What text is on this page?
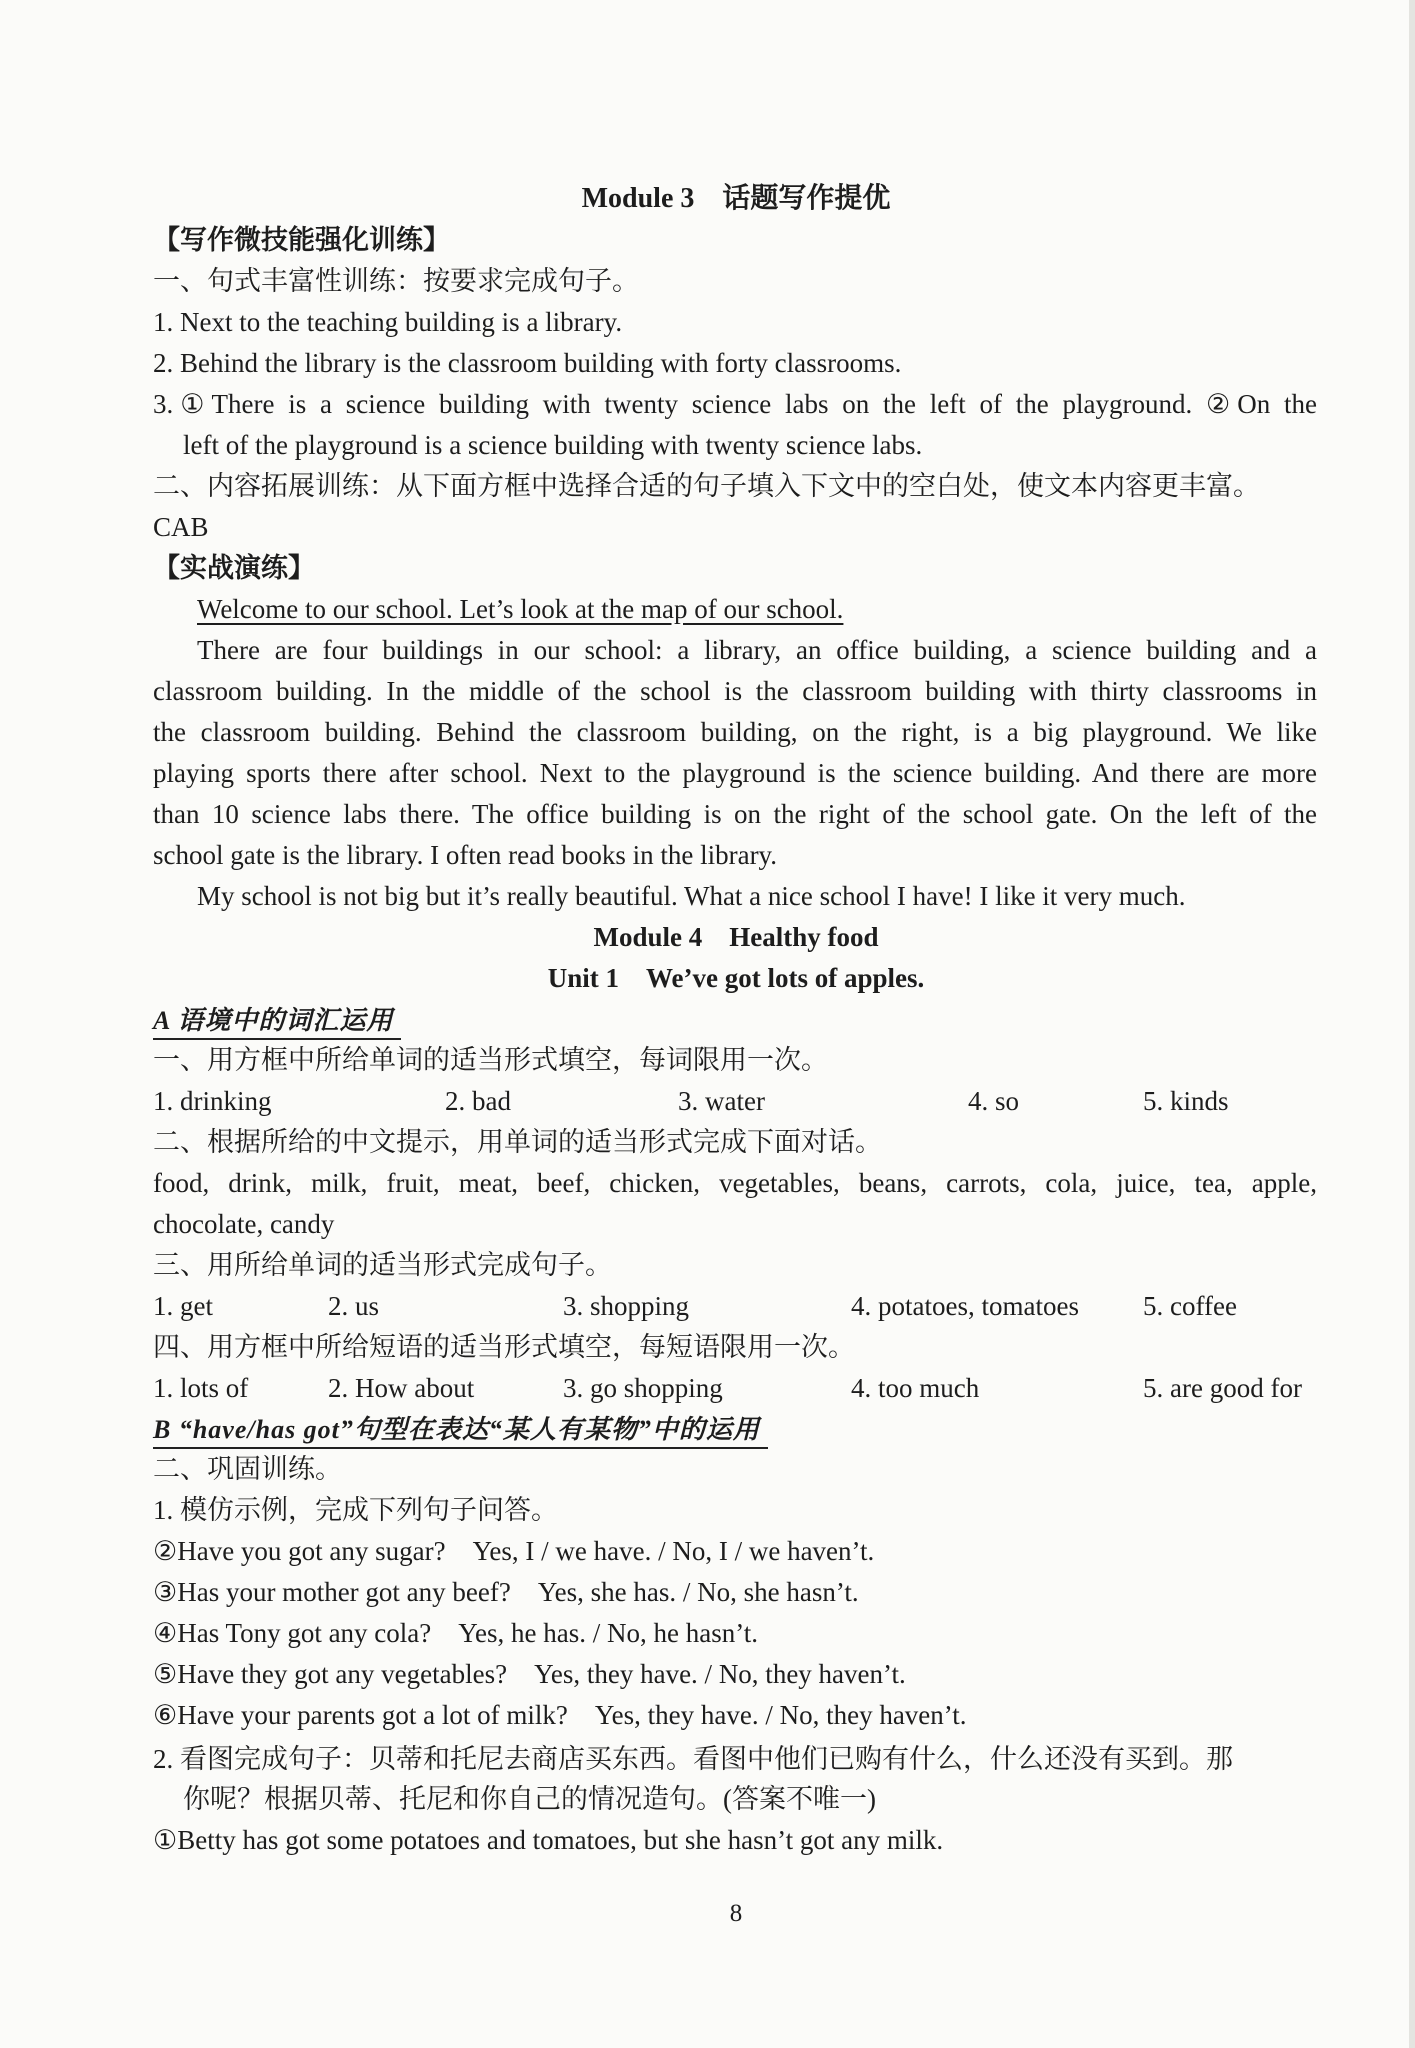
Module 3　话题写作提优
【写作微技能强化训练】
一、句式丰富性训练：按要求完成句子。
1. Next to the teaching building is a library.
2. Behind the library is the classroom building with forty classrooms.
3.①There is a science building with twenty science labs on the left of the playground. ②On the
left of the playground is a science building with twenty science labs.
二、内容拓展训练：从下面方框中选择合适的句子填入下文中的空白处，使文本内容更丰富。
CAB
【实战演练】
Welcome to our school. Let’s look at the map of our school.
There are four buildings in our school: a library, an office building, a science building and a
classroom building. In the middle of the school is the classroom building with thirty classrooms in
the classroom building. Behind the classroom building, on the right, is a big playground. We like
playing sports there after school. Next to the playground is the science building. And there are more
than 10 science labs there. The office building is on the right of the school gate. On the left of the
school gate is the library. I often read books in the library.
My school is not big but it’s really beautiful. What a nice school I have! I like it very much.
Module 4　Healthy food
Unit 1　We’ve got lots of apples.
A 语境中的词汇运用
一、用方框中所给单词的适当形式填空，每词限用一次。
1. drinking	2. bad	3. water	4. so	5. kinds
二、根据所给的中文提示，用单词的适当形式完成下面对话。
food, drink, milk, fruit, meat, beef, chicken, vegetables, beans, carrots, cola, juice, tea, apple,
chocolate, candy
三、用所给单词的适当形式完成句子。
1. get	2. us	3. shopping	4. potatoes, tomatoes 5. coffee
四、用方框中所给短语的适当形式填空，每短语限用一次。
1. lots of	2. How about	3. go shopping	4. too much	5. are good for
B “have/has got”句型在表达“某人有某物”中的运用
二、巩固训练。
1. 模仿示例，完成下列句子问答。
②Have you got any sugar?　Yes, I / we have. / No, I / we haven’t.
③Has your mother got any beef?　Yes, she has. / No, she hasn’t.
④Has Tony got any cola?　Yes, he has. / No, he hasn’t.
⑤Have they got any vegetables?　Yes, they have. / No, they haven’t.
⑥Have your parents got a lot of milk?　Yes, they have. / No, they haven’t.
2. 看图完成句子：贝蒂和托尼去商店买东西。看图中他们已购有什么，什么还没有买到。那
你呢？根据贝蒂、托尼和你自己的情况造句。(答案不唯一)
①Betty has got some potatoes and tomatoes, but she hasn’t got any milk.
8
